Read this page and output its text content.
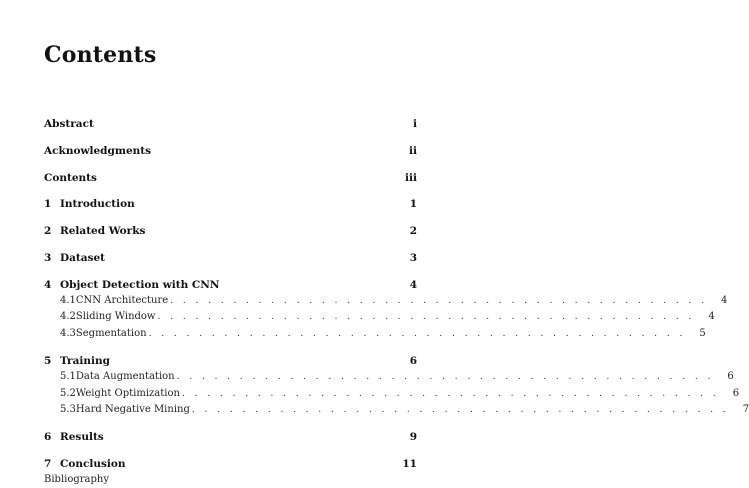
Contents
Abstract	i
Acknowledgments	ii
Contents	iii
1 Introduction	1
2 Related Works	2
3 Dataset	3
4 Object Detection with CNN	4
4.1 CNN Architecture . . . . . . . . . . . . . . . . . . . . . . . . . . . . . . . . . . . . . . . . . . .	4
4.2 Sliding Window . . . . . . . . . . . . . . . . . . . . . . . . . . . . . . . . . . . . . . . . . . .	4
4.3 Segmentation . . . . . . . . . . . . . . . . . . . . . . . . . . . . . . . . . . . . . . . . . . .	5
5 Training	6
5.1 Data Augmentation . . . . . . . . . . . . . . . . . . . . . . . . . . . . . . . . . . . . . . . . . . .	6
5.2 Weight Optimization . . . . . . . . . . . . . . . . . . . . . . . . . . . . . . . . . . . . . . . . . . .	6
5.3 Hard Negative Mining . . . . . . . . . . . . . . . . . . . . . . . . . . . . . . . . . . . . . . . . . . .	7
6 Results	9
7 Conclusion	11
Bibliography
